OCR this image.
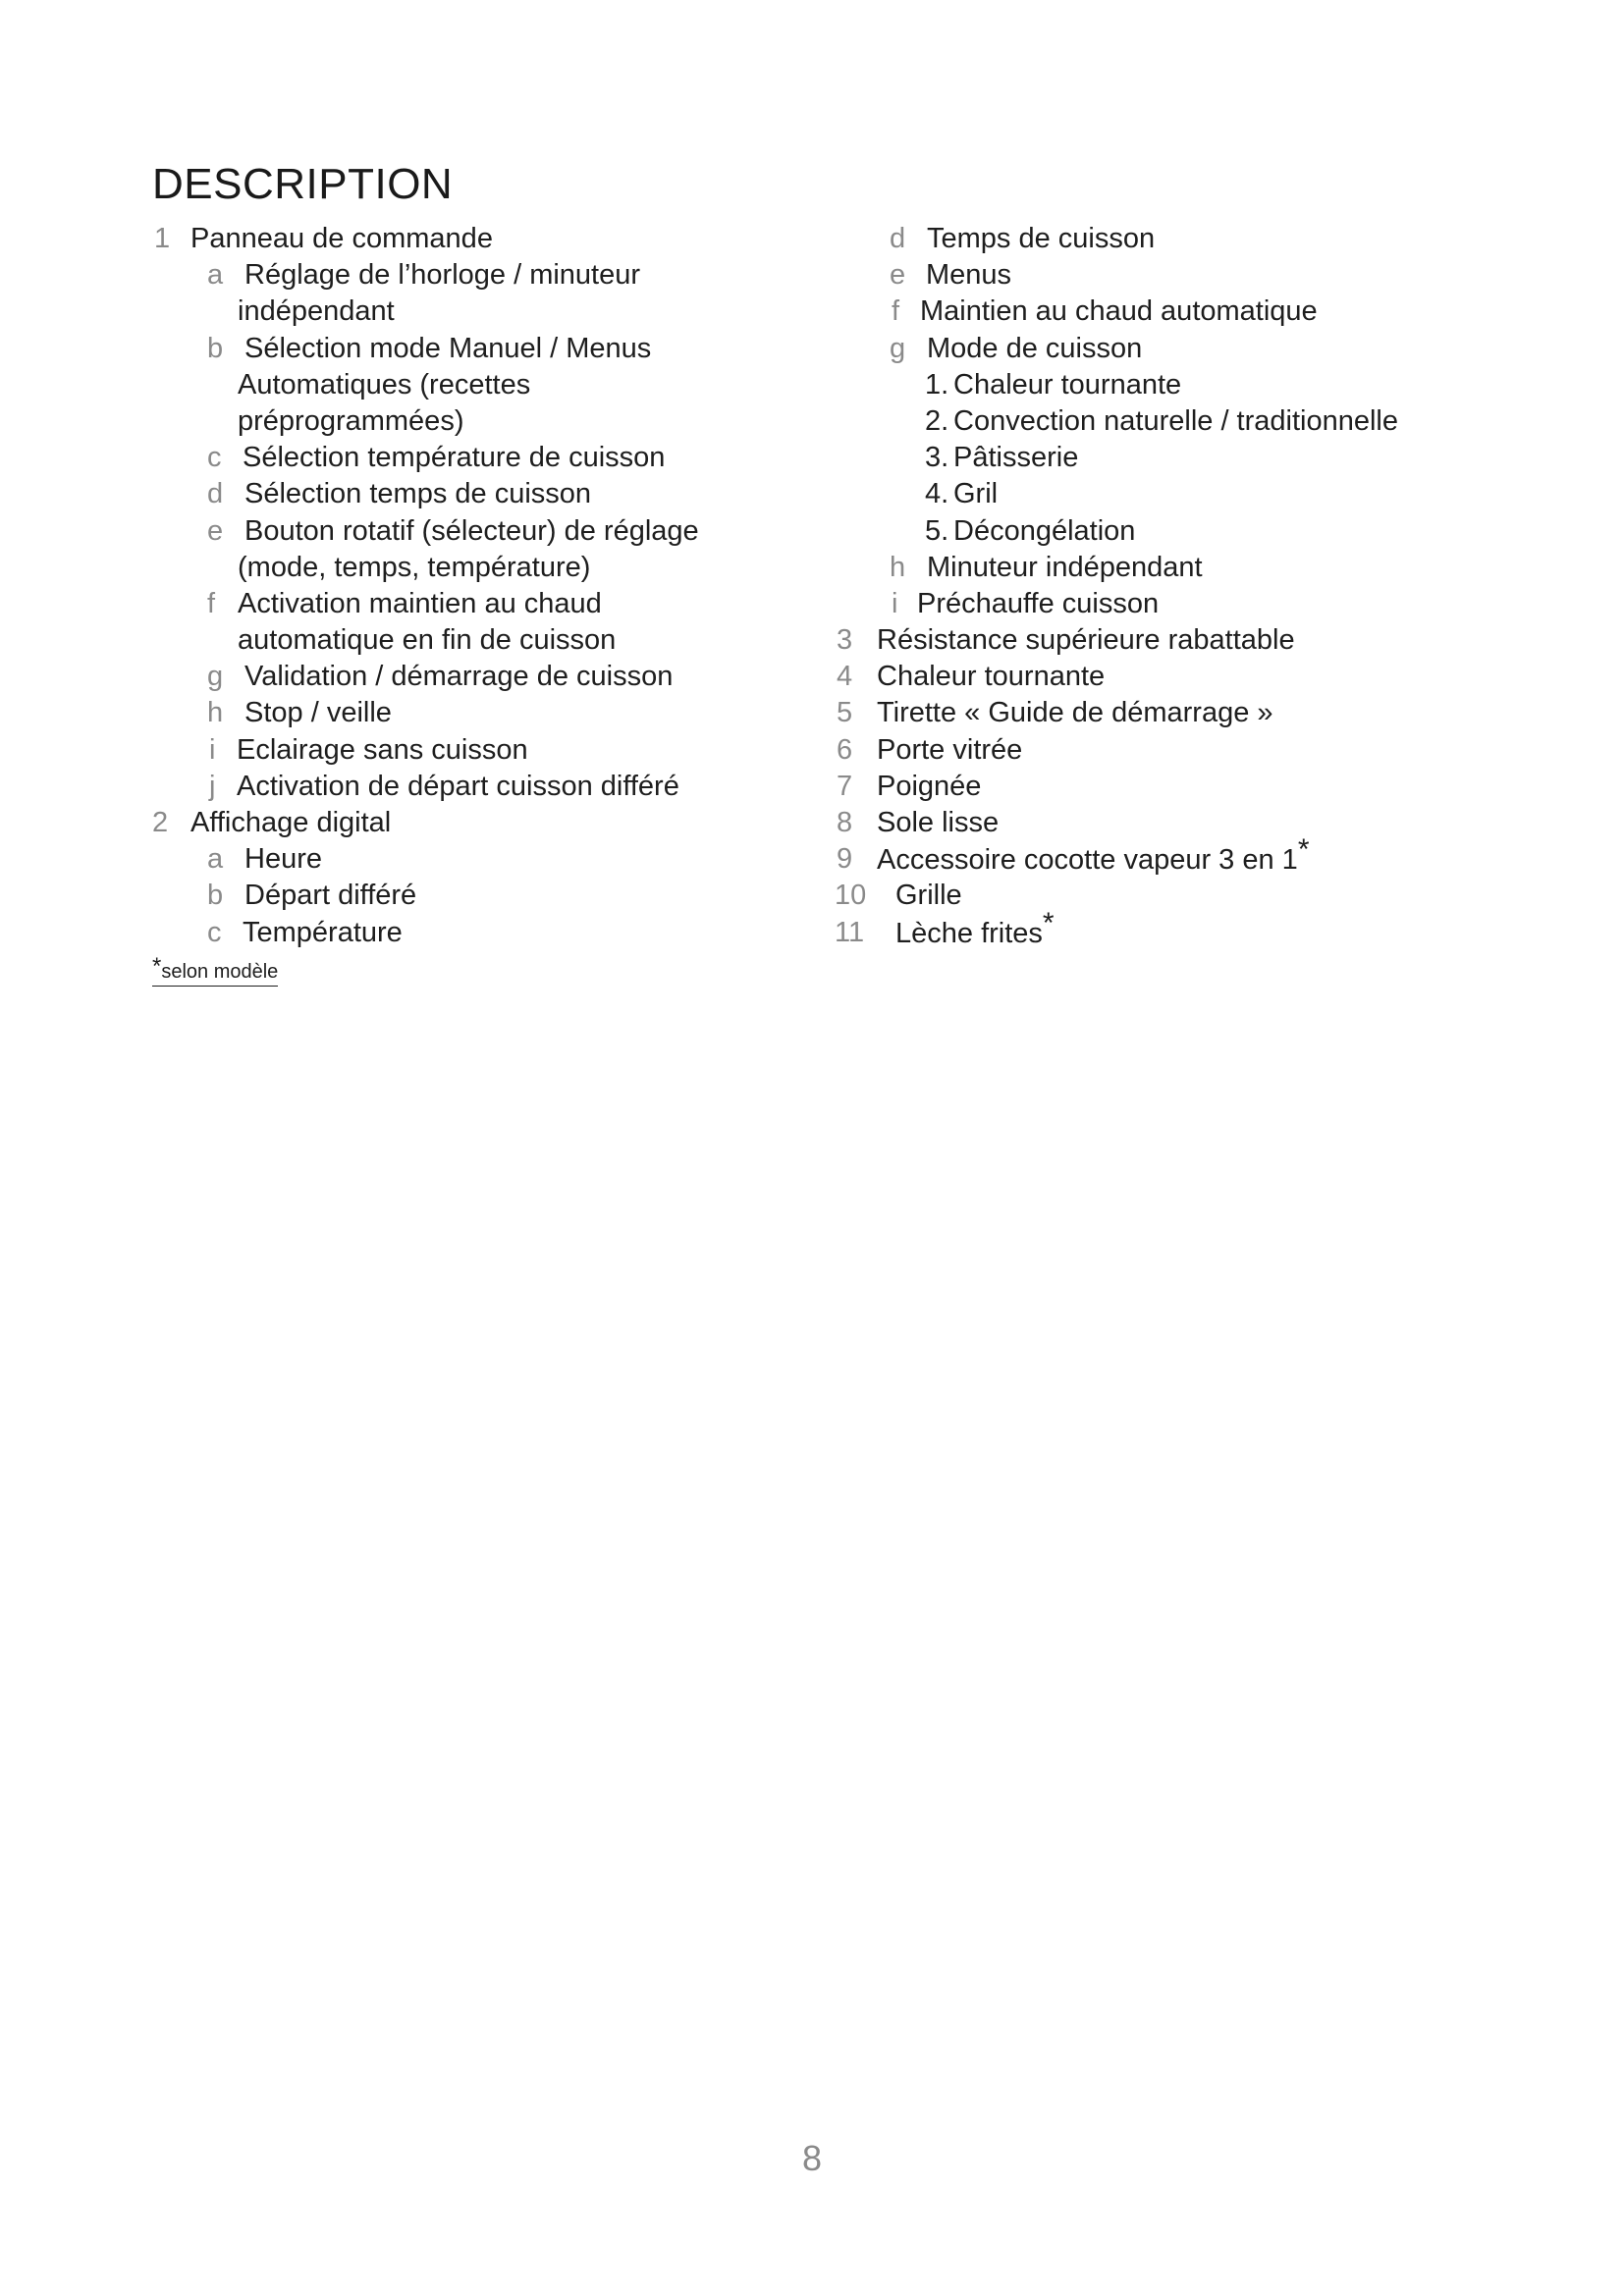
DESCRIPTION
1 Panneau de commande
a Réglage de l’horloge / minuteur
indépendant
b Sélection mode Manuel / Menus
Automatiques (recettes
préprogrammées)
c Sélection température de cuisson
d Sélection temps de cuisson
e Bouton rotatif (sélecteur) de réglage
(mode, temps, température)
f Activation maintien au chaud
automatique en fin de cuisson
g Validation / démarrage de cuisson
h Stop / veille
i Eclairage sans cuisson
j Activation de départ cuisson différé
2 Affichage digital
a Heure
b Départ différé
c Température
*selon modèle
d Temps de cuisson
e Menus
f Maintien au chaud automatique
g Mode de cuisson
1. Chaleur tournante
2. Convection naturelle / traditionnelle
3. Pâtisserie
4. Gril
5. Décongélation
h Minuteur indépendant
i Préchauffe cuisson
3 Résistance supérieure rabattable
4 Chaleur tournante
5 Tirette « Guide de démarrage »
6 Porte vitrée
7 Poignée
8 Sole lisse
9 Accessoire cocotte vapeur 3 en 1*
10 Grille
11 Lèche frites*
8
